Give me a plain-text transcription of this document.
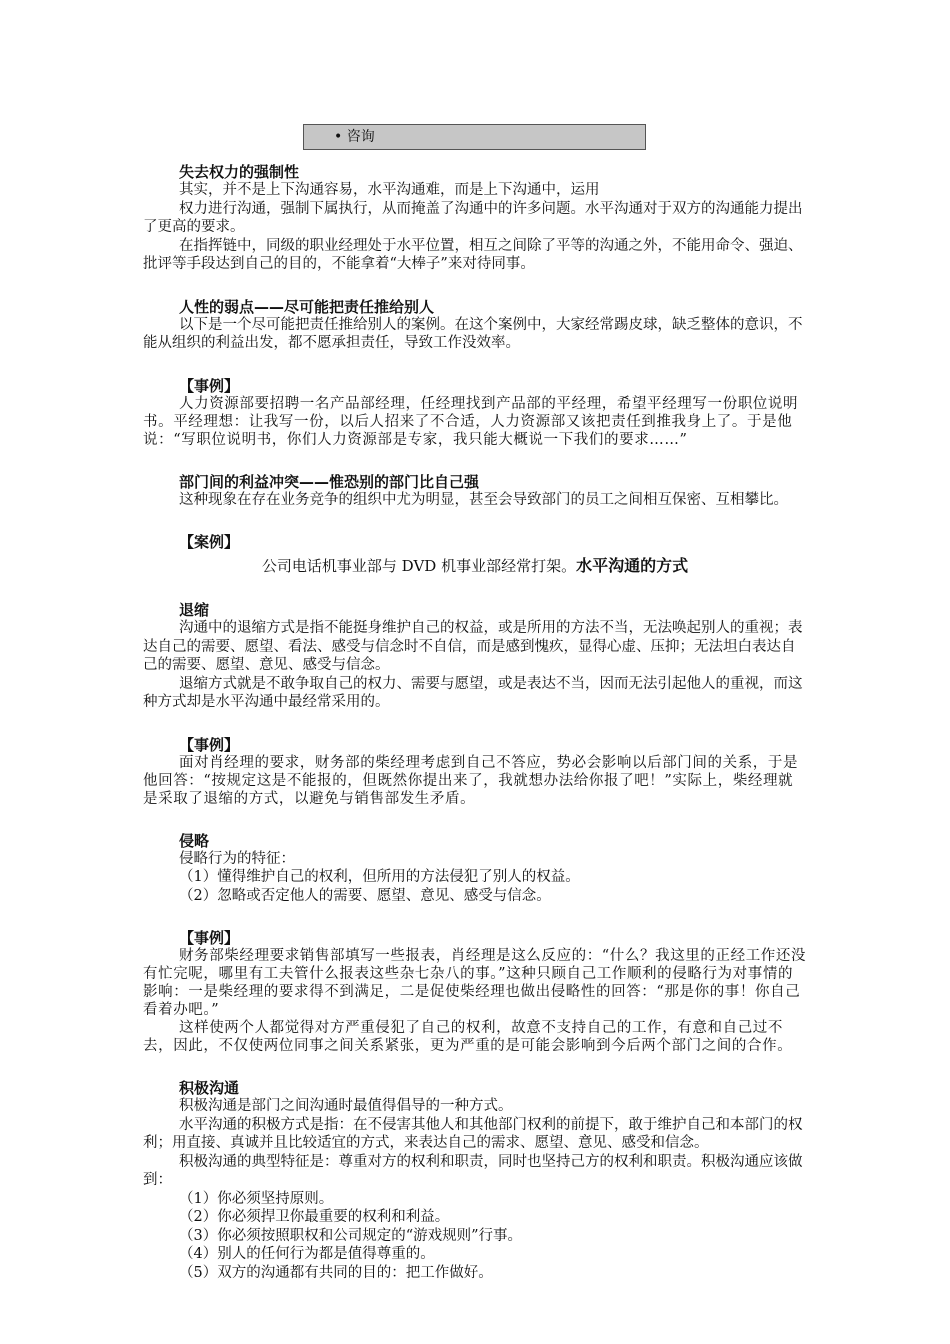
• 咨询
失去权力的强制性

其实，并不是上下沟通容易，水平沟通难，而是上下沟通中，运用

权力进行沟通，强制下属执行，从而掩盖了沟通中的许多问题。水平沟通对于双方的沟通能力提出了更高的要求。

在指挥链中，同级的职业经理处于水平位置，相互之间除了平等的沟通之外，不能用命令、强迫、批评等手段达到自己的目的，不能拿着“大棒子”来对待同事。

人性的弱点——尽可能把责任推给别人

以下是一个尽可能把责任推给别人的案例。在这个案例中，大家经常踢皮球，缺乏整体的意识，不能从组织的利益出发，都不愿承担责任，导致工作没效率。

【事例】

人力资源部要招聘一名产品部经理，任经理找到产品部的平经理，希望平经理写一份职位说明书。平经理想：让我写一份，以后人招来了不合适，人力资源部又该把责任到推我身上了。于是他说：“写职位说明书，你们人力资源部是专家，我只能大概说一下我们的要求……”

部门间的利益冲突——惟恐别的部门比自己强

这种现象在存在业务竞争的组织中尤为明显，甚至会导致部门的员工之间相互保密、互相攀比。

【案例】
公司电话机事业部与 DVD 机事业部经常打架。水平沟通的方式
退缩

沟通中的退缩方式是指不能挺身维护自己的权益，或是所用的方法不当，无法唤起别人的重视；表达自己的需要、愿望、看法、感受与信念时不自信，而是感到愧疚，显得心虚、压抑；无法坦白表达自己的需要、愿望、意见、感受与信念。

退缩方式就是不敢争取自己的权力、需要与愿望，或是表达不当，因而无法引起他人的重视，而这种方式却是水平沟通中最经常采用的。

【事例】

面对肖经理的要求，财务部的柴经理考虑到自己不答应，势必会影响以后部门间的关系，于是他回答：“按规定这是不能报的，但既然你提出来了，我就想办法给你报了吧！”实际上，柴经理就是采取了退缩的方式，以避免与销售部发生矛盾。

侵略

侵略行为的特征：

（1）懂得维护自己的权利，但所用的方法侵犯了别人的权益。

（2）忽略或否定他人的需要、愿望、意见、感受与信念。

【事例】

财务部柴经理要求销售部填写一些报表，肖经理是这么反应的：“什么？我这里的正经工作还没有忙完呢，哪里有工夫管什么报表这些杂七杂八的事。”这种只顾自己工作顺利的侵略行为对事情的影响：一是柴经理的要求得不到满足，二是促使柴经理也做出侵略性的回答：“那是你的事！你自己看着办吧。”

这样使两个人都觉得对方严重侵犯了自己的权利，故意不支持自己的工作，有意和自己过不去，因此，不仅使两位同事之间关系紧张，更为严重的是可能会影响到今后两个部门之间的合作。

积极沟通

积极沟通是部门之间沟通时最值得倡导的一种方式。

水平沟通的积极方式是指：在不侵害其他人和其他部门权利的前提下，敢于维护自己和本部门的权利；用直接、真诚并且比较适宜的方式，来表达自己的需求、愿望、意见、感受和信念。

积极沟通的典型特征是：尊重对方的权利和职责，同时也坚持己方的权利和职责。积极沟通应该做到：

（1）你必须坚持原则。

（2）你必须捍卫你最重要的权利和利益。

（3）你必须按照职权和公司规定的“游戏规则”行事。

（4）别人的任何行为都是值得尊重的。

（5）双方的沟通都有共同的目的：把工作做好。
